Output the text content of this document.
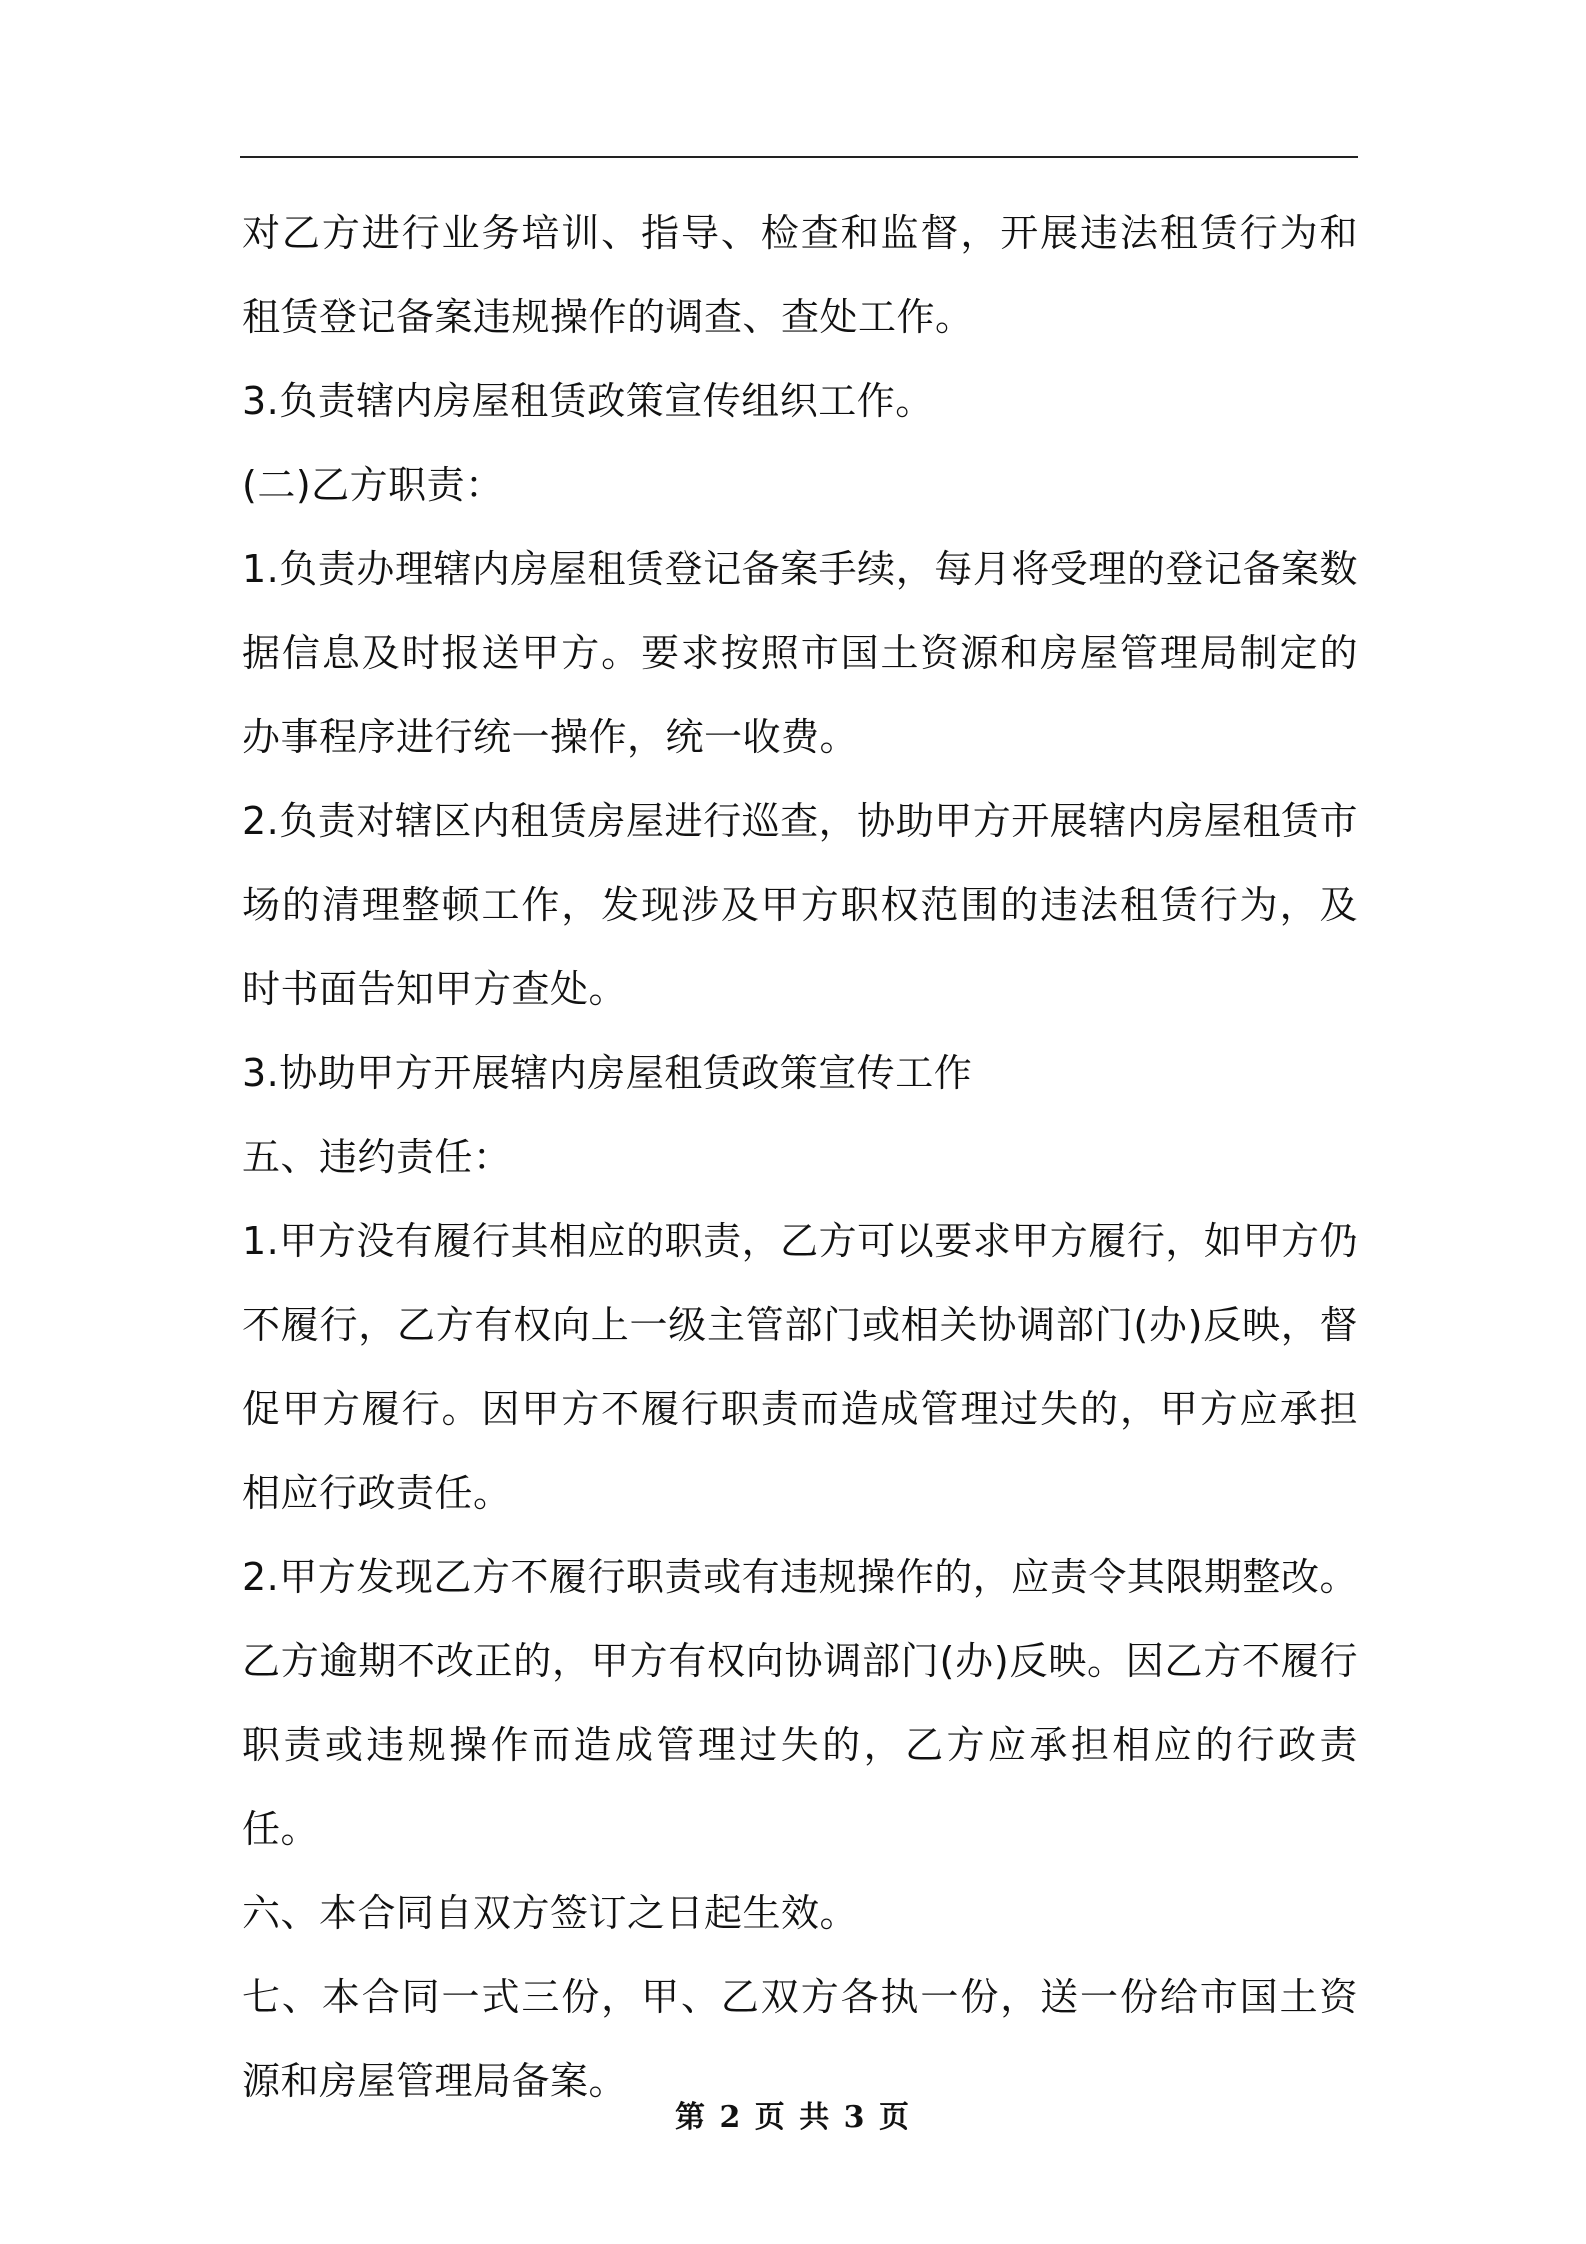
对乙方进行业务培训、指导、检查和监督，开展违法租赁行为和租赁登记备案违规操作的调查、查处工作。

3.负责辖内房屋租赁政策宣传组织工作。

(二)乙方职责：

1.负责办理辖内房屋租赁登记备案手续，每月将受理的登记备案数据信息及时报送甲方。要求按照市国土资源和房屋管理局制定的办事程序进行统一操作，统一收费。

2.负责对辖区内租赁房屋进行巡查，协助甲方开展辖内房屋租赁市场的清理整顿工作，发现涉及甲方职权范围的违法租赁行为，及时书面告知甲方查处。

3.协助甲方开展辖内房屋租赁政策宣传工作

五、违约责任：

1.甲方没有履行其相应的职责，乙方可以要求甲方履行，如甲方仍不履行，乙方有权向上一级主管部门或相关协调部门(办)反映，督促甲方履行。因甲方不履行职责而造成管理过失的，甲方应承担相应行政责任。

2.甲方发现乙方不履行职责或有违规操作的，应责令其限期整改。乙方逾期不改正的，甲方有权向协调部门(办)反映。因乙方不履行职责或违规操作而造成管理过失的，乙方应承担相应的行政责任。

六、本合同自双方签订之日起生效。

七、本合同一式三份，甲、乙双方各执一份，送一份给市国土资源和房屋管理局备案。

第 2 页 共 3 页
